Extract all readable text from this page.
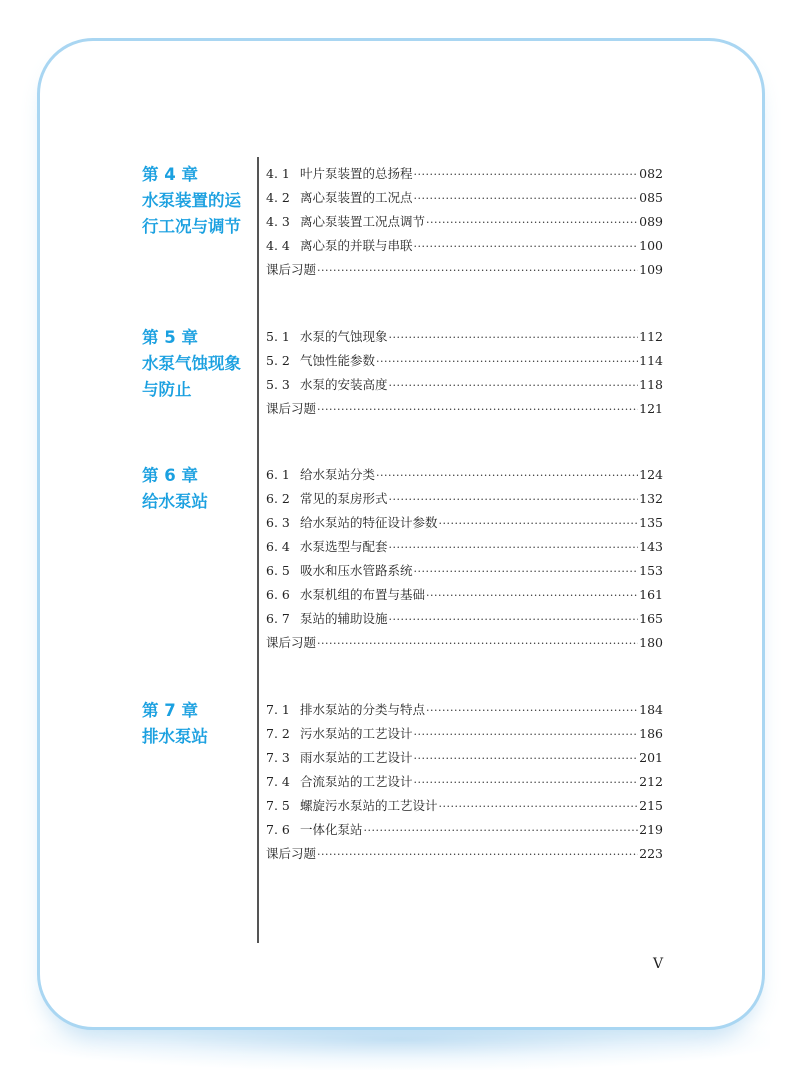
第 4 章
水泵装置的运
行工况与调节
4. 1 叶片泵装置的总扬程 ·····	082
4. 2 离心泵装置的工况点 ·····	085
4. 3 离心泵装置工况点调节 ·····	089
4. 4 离心泵的并联与串联 ·····	100
课后习题 ·····	109
第 5 章
水泵气蚀现象
与防止
5. 1 水泵的气蚀现象 ·····	112
5. 2 气蚀性能参数 ·····	114
5. 3 水泵的安装高度 ·····	118
课后习题 ·····	121
第 6 章
给水泵站
6. 1 给水泵站分类 ·····	124
6. 2 常见的泵房形式 ·····	132
6. 3 给水泵站的特征设计参数 ·····	135
6. 4 水泵选型与配套 ·····	143
6. 5 吸水和压水管路系统 ·····	153
6. 6 水泵机组的布置与基础 ·····	161
6. 7 泵站的辅助设施 ·····	165
课后习题 ·····	180
第 7 章
排水泵站
7. 1 排水泵站的分类与特点 ·····	184
7. 2 污水泵站的工艺设计 ·····	186
7. 3 雨水泵站的工艺设计 ·····	201
7. 4 合流泵站的工艺设计 ·····	212
7. 5 螺旋污水泵站的工艺设计 ·····	215
7. 6 一体化泵站 ·····	219
课后习题 ·····	223
V
